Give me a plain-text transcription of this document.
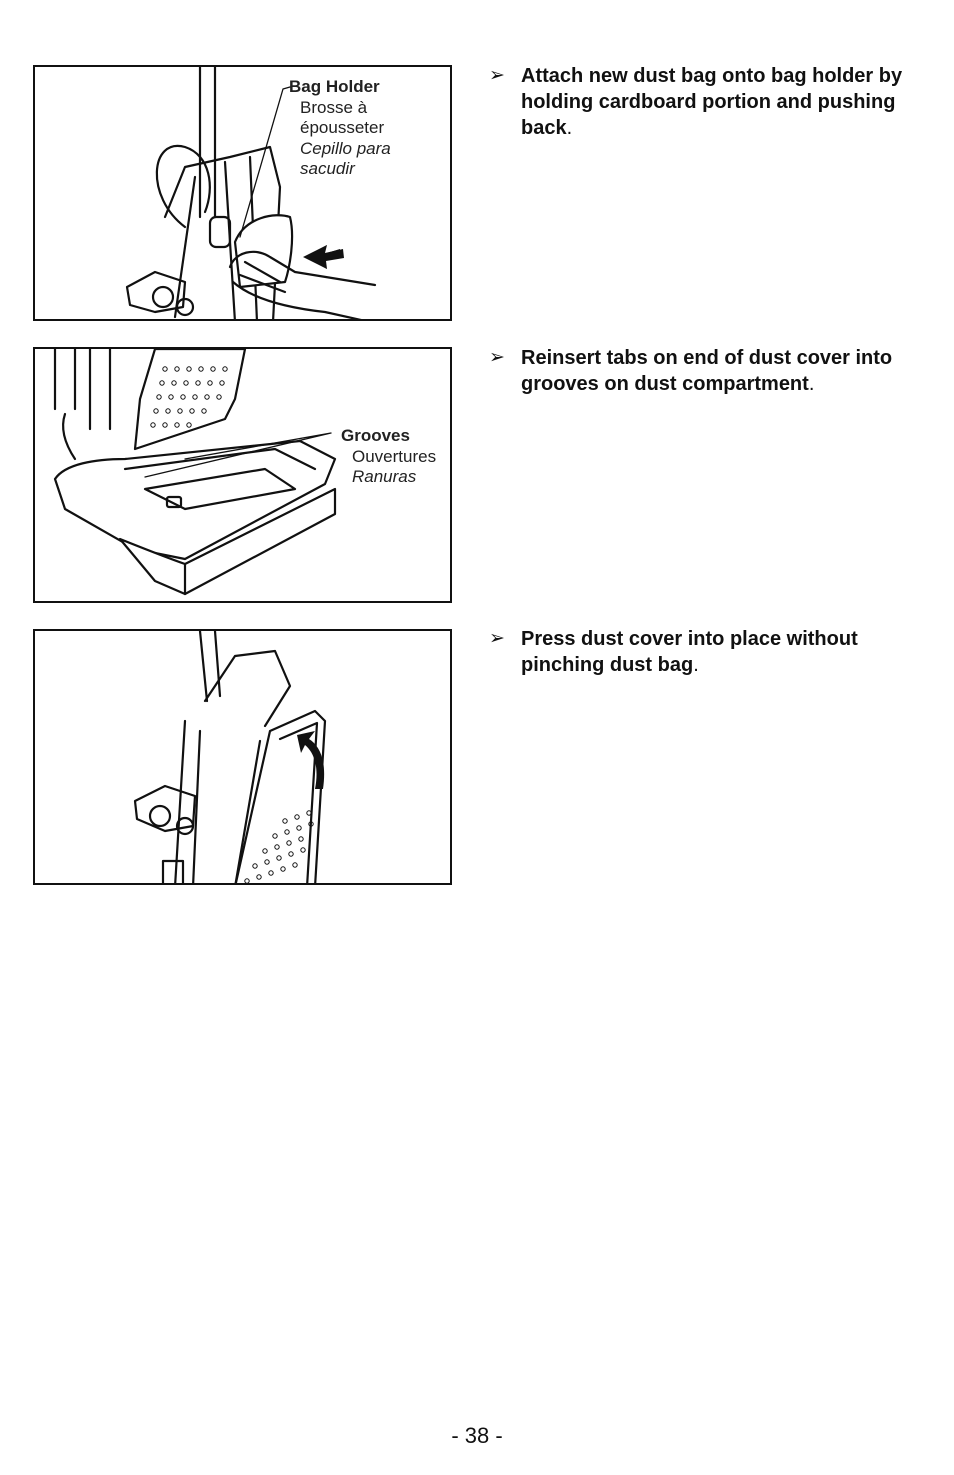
Bag Holder
Brosse à
épousseter
Cepillo para
sacudir
➢ Attach new dust bag onto bag holder by holding cardboard portion and pushing back.
Grooves
Ouvertures
Ranuras
➢ Reinsert tabs on end of dust cover into grooves on dust compartment.
➢ Press dust cover into place without pinching dust bag.
- 38 -
